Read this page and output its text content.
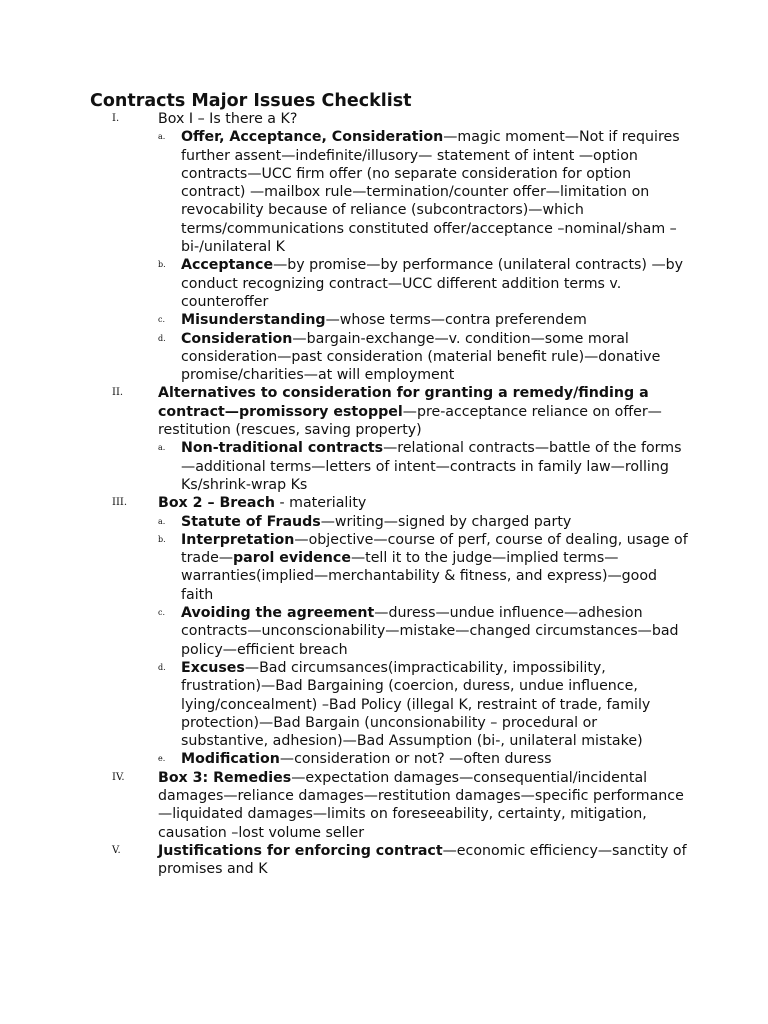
Contracts Major Issues Checklist
I.	Box I – Is there a K?
a. Offer, Acceptance, Consideration—magic moment—Not if requires further assent—indefinite/illusory— statement of intent —option contracts—UCC firm offer (no separate consideration for option contract) —mailbox rule—termination/counter offer—limitation on revocability because of reliance (subcontractors)—which terms/communications constituted offer/acceptance –nominal/sham –bi-/unilateral K
b. Acceptance—by promise—by performance (unilateral contracts) —by conduct recognizing contract—UCC different addition terms v. counteroffer
c. Misunderstanding—whose terms—contra preferendem
d. Consideration—bargain-exchange—v. condition—some moral consideration—past consideration (material benefit rule)—donative promise/charities—at will employment
II. Alternatives to consideration for granting a remedy/finding a contract—promissory estoppel—pre-acceptance reliance on offer—restitution (rescues, saving property)
a. Non-traditional contracts—relational contracts—battle of the forms—additional terms—letters of intent—contracts in family law—rolling Ks/shrink-wrap Ks
III. Box 2 – Breach - materiality
a. Statute of Frauds—writing—signed by charged party
b. Interpretation—objective—course of perf, course of dealing, usage of trade—parol evidence—tell it to the judge—implied terms—warranties(implied—merchantability & fitness, and express)—good faith
c. Avoiding the agreement—duress—undue influence—adhesion contracts—unconscionability—mistake—changed circumstances—bad policy—efficient breach
d. Excuses—Bad circumsances(impracticability, impossibility, frustration)—Bad Bargaining (coercion, duress, undue influence, lying/concealment) –Bad Policy (illegal K, restraint of trade, family protection)—Bad Bargain (unconsionability – procedural or substantive, adhesion)—Bad Assumption (bi-, unilateral mistake)
e. Modification—consideration or not? —often duress
IV. Box 3: Remedies—expectation damages—consequential/incidental damages—reliance damages—restitution damages—specific performance—liquidated damages—limits on foreseeability, certainty, mitigation, causation –lost volume seller
V.	Justifications for enforcing contract—economic efficiency—sanctity of promises and K
